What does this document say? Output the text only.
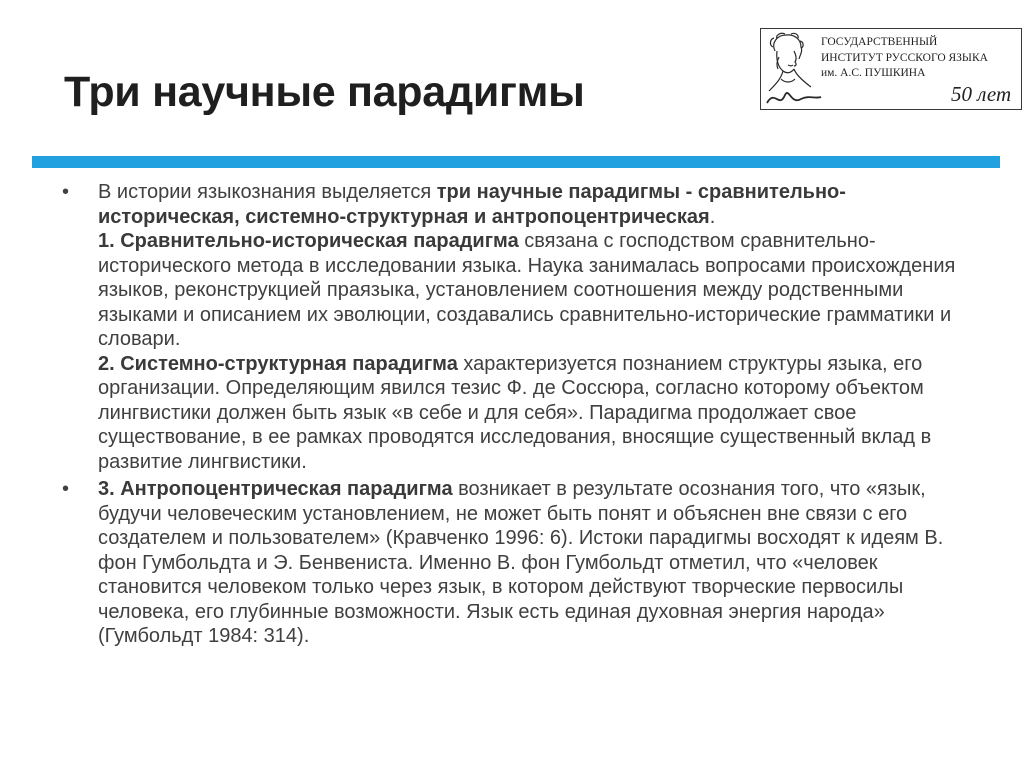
Три научные парадигмы
ГОСУДАРСТВЕННЫЙ
ИНСТИТУТ РУССКОГО ЯЗЫКА
им. А.С. ПУШКИНА
50 лет
• В истории языкознания выделяется три научные парадигмы - сравнительно-историческая, системно-структурная и антропоцентрическая.

1. Сравнительно-историческая парадигма связана с господством сравнительно-исторического метода в исследовании языка. Наука занималась вопросами происхождения языков, реконструкцией праязыка, установлением соотношения между родственными языками и описанием их эволюции, создавались сравнительно-исторические грамматики и словари.

2. Системно-структурная парадигма характеризуется познанием структуры языка, его организации. Определяющим явился тезис Ф. де Соссюра, согласно которому объектом лингвистики должен быть язык «в себе и для себя». Парадигма продолжает свое существование, в ее рамках проводятся исследования, вносящие существенный вклад в развитие лингвистики.

• 3. Антропоцентрическая парадигма возникает в результате осознания того, что «язык, будучи человеческим установлением, не может быть понят и объяснен вне связи с его создателем и пользователем» (Кравченко 1996: 6). Истоки парадигмы восходят к идеям В. фон Гумбольдта и Э. Бенвениста. Именно В. фон Гумбольдт отметил, что «человек становится человеком только через язык, в котором действуют творческие первосилы человека, его глубинные возможности. Язык есть единая духовная энергия народа» (Гумбольдт 1984: 314).
